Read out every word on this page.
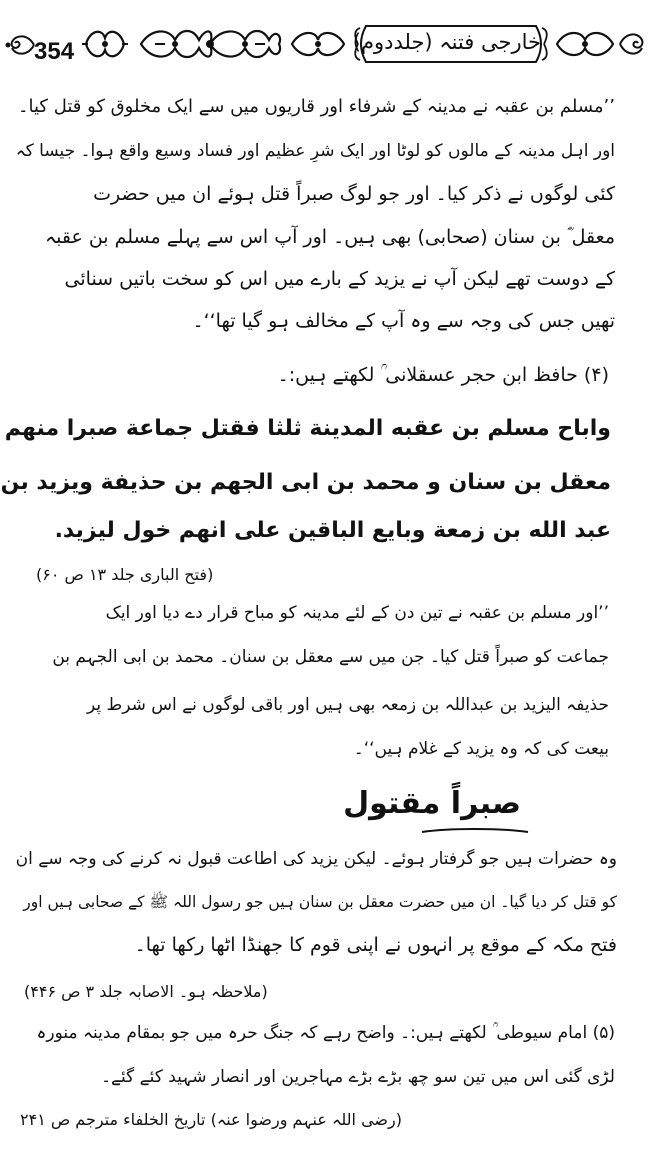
354	خارجی فتنہ (جلددوم)
’’مسلم بن عقبہ نے مدینہ کے شرفاء اور قاریوں میں سے ایک مخلوق کو قتل کیا۔
اور اہل مدینہ کے مالوں کو لوٹا اور ایک شرِ عظیم اور فساد وسیع واقع ہوا۔ جیسا کہ
کئی لوگوں نے ذکر کیا۔ اور جو لوگ صبراً قتل ہوئے ان میں حضرت
معقل ؓ بن سنان (صحابی) بھی ہیں۔ اور آپ اس سے پہلے مسلم بن عقبہ
کے دوست تھے لیکن آپ نے یزید کے بارے میں اس کو سخت باتیں سنائی
تھیں جس کی وجہ سے وہ آپ کے مخالف ہو گیا تھا‘‘۔
(۴) حافظ ابن حجر عسقلانی ؒ لکھتے ہیں:۔
واباح مسلم بن عقبه المدينة ثلثا فقتل جماعة صبرا منهم
معقل بن سنان و محمد بن ابی الجهم بن حذيفة ويزيد بن
عبد الله بن زمعة وبايع الباقين على انهم خول ليزيد.
(فتح الباری جلد ۱۳ ص ۶۰)
’’اور مسلم بن عقبہ نے تین دن کے لئے مدینہ کو مباح قرار دے دیا اور ایک
جماعت کو صبراً قتل کیا۔ جن میں سے معقل بن سنان۔ محمد بن ابی الجہم بن
حذیفہ الیزید بن عبداللہ بن زمعہ بھی ہیں اور باقی لوگوں نے اس شرط پر
بیعت کی کہ وہ یزید کے غلام ہیں‘‘۔
صبراً مقتول
وہ حضرات ہیں جو گرفتار ہوئے۔ لیکن یزید کی اطاعت قبول نہ کرنے کی وجہ سے ان
کو قتل کر دیا گیا۔ ان میں حضرت معقل بن سنان ہیں جو رسول اللہ ﷺ کے صحابی ہیں اور
فتح مکہ کے موقع پر انہوں نے اپنی قوم کا جھنڈا اٹھا رکھا تھا۔
(ملاحظہ ہو۔ الاصابہ جلد ۳ ص ۴۴۶)
(۵) امام سیوطی ؒ لکھتے ہیں:۔ واضح رہے کہ جنگ حرہ میں جو بمقام مدینہ منورہ
لڑی گئی اس میں تین سو چھ بڑے بڑے مہاجرین اور انصار شہید کئے گئے۔
(رضی اللہ عنہم ورضوا عنہ) تاریخ الخلفاء مترجم ص ۲۴۱
